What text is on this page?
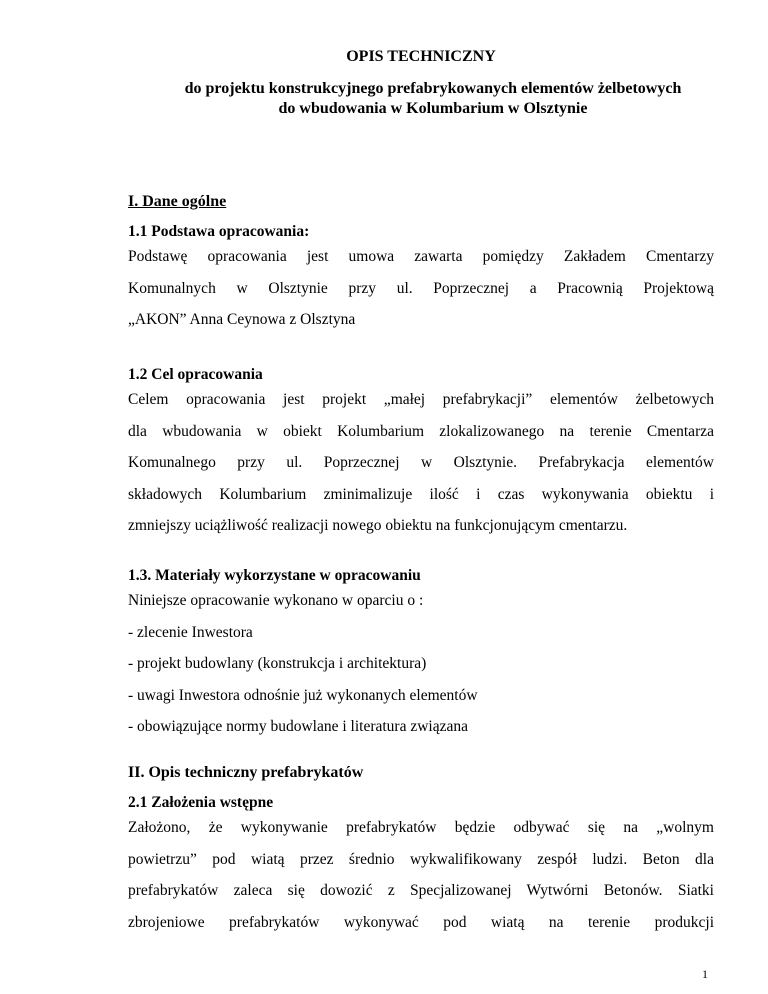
OPIS TECHNICZNY

do projektu konstrukcyjnego prefabrykowanych elementów żelbetowych
do wbudowania w Kolumbarium w Olsztynie

I. Dane ogólne

1.1 Podstawa opracowania:

Podstawę opracowania jest umowa zawarta pomiędzy Zakładem Cmentarzy
Komunalnych w Olsztynie przy ul. Poprzecznej a Pracownią Projektową
„AKON” Anna Ceynowa z Olsztyna

1.2 Cel opracowania

Celem opracowania jest projekt „małej prefabrykacji” elementów żelbetowych
dla wbudowania w obiekt Kolumbarium zlokalizowanego na terenie Cmentarza
Komunalnego przy ul. Poprzecznej w Olsztynie. Prefabrykacja elementów
składowych Kolumbarium zminimalizuje ilość i czas wykonywania obiektu i
zmniejszy uciążliwość realizacji nowego obiektu na funkcjonującym cmentarzu.

1.3. Materiały wykorzystane w opracowaniu

Niniejsze opracowanie wykonano w oparciu o :
- zlecenie Inwestora
- projekt budowlany (konstrukcja i architektura)
- uwagi Inwestora odnośnie już wykonanych elementów
- obowiązujące normy budowlane i literatura związana

II. Opis techniczny prefabrykatów

2.1 Założenia wstępne

Założono, że wykonywanie prefabrykatów będzie odbywać się na „wolnym
powietrzu” pod wiatą przez średnio wykwalifikowany zespół ludzi. Beton dla
prefabrykatów zaleca się dowozić z Specjalizowanej Wytwórni Betonów. Siatki
zbrojeniowe prefabrykatów wykonywać pod wiatą na terenie produkcji
1
